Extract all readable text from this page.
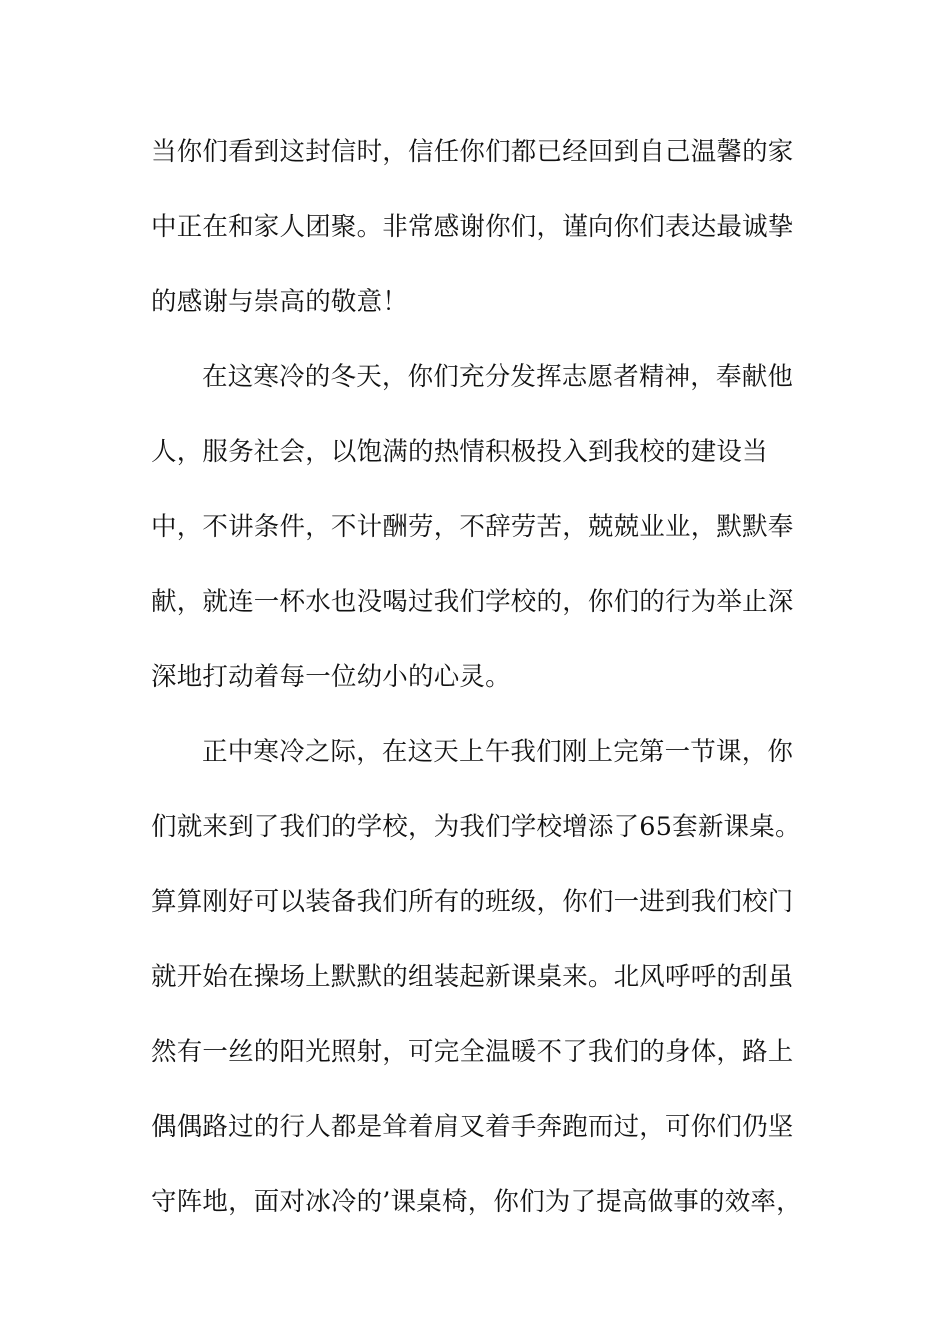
当你们看到这封信时，信任你们都已经回到自己温馨的家
中正在和家人团聚。非常感谢你们，谨向你们表达最诚挚
的感谢与崇高的敬意！
在这寒冷的冬天，你们充分发挥志愿者精神，奉献他
人，服务社会，以饱满的热情积极投入到我校的建设当
中，不讲条件，不计酬劳，不辞劳苦，兢兢业业，默默奉
献，就连一杯水也没喝过我们学校的，你们的行为举止深
深地打动着每一位幼小的心灵。
正中寒冷之际，在这天上午我们刚上完第一节课，你
们就来到了我们的学校，为我们学校增添了65套新课桌。
算算刚好可以装备我们所有的班级，你们一进到我们校门
就开始在操场上默默的组装起新课桌来。北风呼呼的刮虽
然有一丝的阳光照射，可完全温暖不了我们的身体，路上
偶偶路过的行人都是耸着肩叉着手奔跑而过，可你们仍坚
守阵地，面对冰冷的’课桌椅，你们为了提高做事的效率，
